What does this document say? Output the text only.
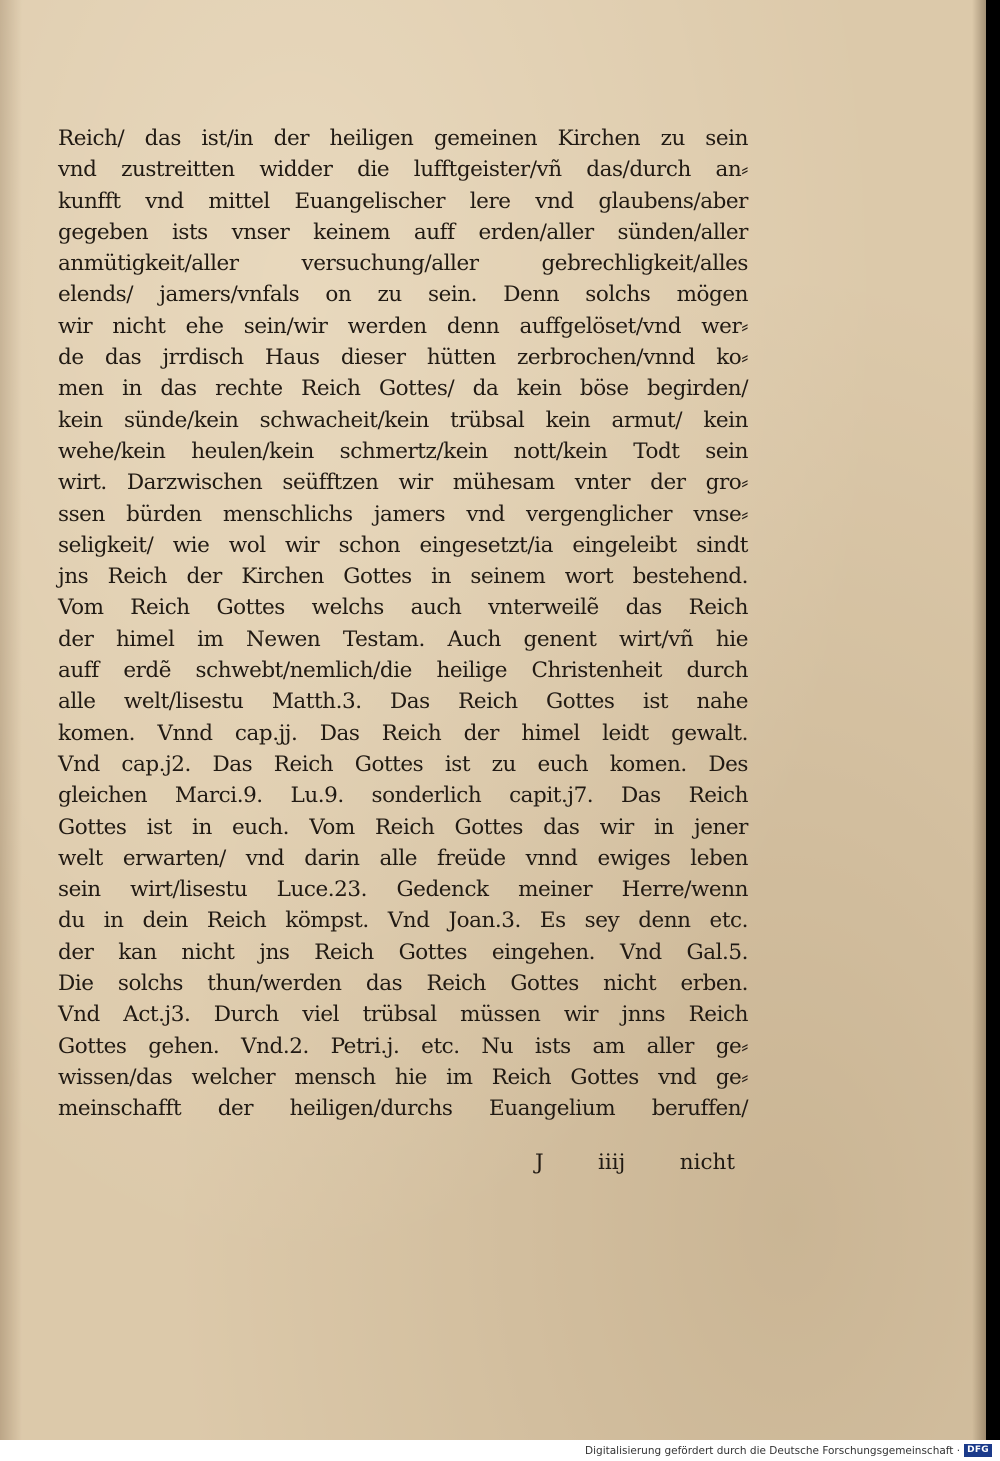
Reich/ das ist/in der heiligen gemeinen Kirchen zu sein
vnd zustreitten widder die lufftgeister/vñ das/durch an⸗
kunfft vnd mittel Euangelischer lere vnd glaubens/aber
gegeben ists vnser keinem auff erden/aller sünden/aller
anmütigkeit/aller versuchung/aller gebrechligkeit/alles
elends/ jamers/vnfals on zu sein. Denn solchs mögen
wir nicht ehe sein/wir werden denn auffgelöset/vnd wer⸗
de das jrrdisch Haus dieser hütten zerbrochen/vnnd ko⸗
men in das rechte Reich Gottes/ da kein böse begirden/
kein sünde/kein schwacheit/kein trübsal kein armut/ kein
wehe/kein heulen/kein schmertz/kein nott/kein Todt sein
wirt. Darzwischen seüfftzen wir mühesam vnter der gro⸗
ssen bürden menschlichs jamers vnd vergenglicher vnse⸗
seligkeit/ wie wol wir schon eingesetzt/ia eingeleibt sindt
jns Reich der Kirchen Gottes in seinem wort bestehend.
Vom Reich Gottes welchs auch vnterweilẽ das Reich
der himel im Newen Testam. Auch genent wirt/vñ hie
auff erdẽ schwebt/nemlich/die heilige Christenheit durch
alle welt/lisestu Matth.3. Das Reich Gottes ist nahe
komen. Vnnd cap.jj. Das Reich der himel leidt gewalt.
Vnd cap.j2. Das Reich Gottes ist zu euch komen. Des
gleichen Marci.9. Lu.9. sonderlich capit.j7. Das Reich
Gottes ist in euch. Vom Reich Gottes das wir in jener
welt erwarten/ vnd darin alle freüde vnnd ewiges leben
sein wirt/lisestu Luce.23. Gedenck meiner Herre/wenn
du in dein Reich kömpst. Vnd Joan.3. Es sey denn etc.
der kan nicht jns Reich Gottes eingehen. Vnd Gal.5.
Die solchs thun/werden das Reich Gottes nicht erben.
Vnd Act.j3. Durch viel trübsal müssen wir jnns Reich
Gottes gehen. Vnd.2. Petri.j. etc. Nu ists am aller ge⸗
wissen/das welcher mensch hie im Reich Gottes vnd ge⸗
meinschafft der heiligen/durchs Euangelium beruffen/
J	iiij	nicht
Digitalisierung gefördert durch die Deutsche Forschungsgemeinschaft · DFG
